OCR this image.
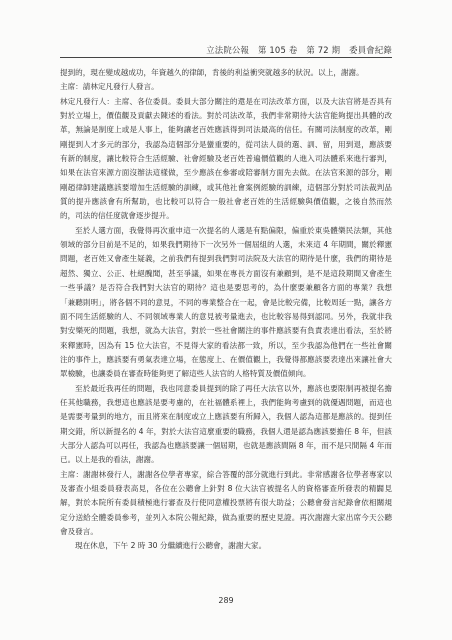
立法院公報 第 105 卷 第 72 期 委員會紀錄

提到的，現在變成越成功，年資越久的律師，肯後的利益衝突就越多的狀況。以上，謝謝。

主席：請林定凡發行人發言。

林定凡發行人：主席、各位委員。委員大部分關注的還是在司法改革方面，以及大法官將是否具有對於立場上，價值觀及貢獻去陳述的看法。對於司法改革，我們非常期待大法官能夠提出具體的改革，無論是制度上或是人事上，能夠讓老百姓應該得到司法最高的信任。有關司法制度的改革，剛剛提到人才多元的部分，我認為這個部分是蠻重要的，從司法人員的選、訓、留，用到退，應該要有新的制度，讓比較符合生活經驗、社會經驗及老百姓普遍價值觀的人進入司法體系來進行審判，如果在法官來源方面沒辦法這樣做，至少應該在參審或陪審制方面先去做。在法官來源的部分，剛剛趙律師建議應該要增加生活經驗的訓練，或其他社會案例經驗的訓練，這個部分對於司法裁判品質的提升應該會有所幫助，也比較可以符合一般社會老百姓的生活經驗與價值觀，之後自然而然的，司法的信任度就會逐步提升。

至於人選方面，我覺得再次重申這一次提名的人選是有點偏限，偏重於東吳體樂民法類，其他領域的部分目前是不足的，如果我們期待下一次另外一個屆組的人選，未來這 4 年期間，關於釋憲問題，老百姓又會產生疑義，之前我們有提到我們對司法院及大法官的期待是什麼，我們的期待是超然、獨立、公正、杜絕醜聞，甚至爭議，如果在專長方面沒有兼顧到，是不是這段期間又會產生一些爭議？是否符合我們對大法官的期待？這也是要思考的，為什麼要兼顧各方面的專業？我想「兼聽則明」，將各個不同的意見，不同的專業整合在一起，會是比較完備，比較周延一點，讓各方面不同生活經驗的人、不同領域專業人的意見被考量進去，也比較容易得到認同。另外，我就非我對安樂死的問題，我想，就為大法官，對於一些社會關注的事件應該要有負責表達出看法，至於將來釋憲時，因為有 15 位大法官，不見得大家的看法都一致，所以，至少我認為他們在一些社會關注的事件上，應該要有勇氣表達立場，在態度上、在價值觀上，我覺得都應該要表達出來讓社會大眾檢驗，也讓委員在審查時能夠更了解這些人法官的人格特質及價值傾向。

至於最近我再任的問題，我也同意委員提到的除了再任大法官以外，應該也要限制再被提名擔任其他職務，我想這也應該是要考慮的，在社福體系裡上，我們能夠考慮到的就優遇問題，而這也是需要考量到的地方，而且將來在制度或立上應該要有所歸入，我個人認為這都是應該的。提到任期交錯，所以新提名的 4 年，對於大法官這麼重要的職務，我個人還是認為應該要擔任 8 年，但該大部分人認為可以再任，我認為也應該要讓一個屆期，也就是應該間隔 8 年，而不是只間隔 4 年而已。以上是我的看法，謝謝。

主席：謝謝林發行人，謝謝各位學者專家，綜合答覆的部分就進行到此。非常感謝各位學者專家以及審查小組委員發表高見，各位在公聽會上針對 8 位大法官被提名人的資格審查所發表的精闢見解，對於本院所有委員積極進行審查及行使同意權投票將有很大助益；公聽會發言紀錄會依相關規定分送給全體委員參考，並列入本院公報紀錄，做為重要的歷史見證。再次謝謝大家出席今天公聽會及發言。

現在休息，下午 2 時 30 分繼續進行公聽會，謝謝大家。

289
